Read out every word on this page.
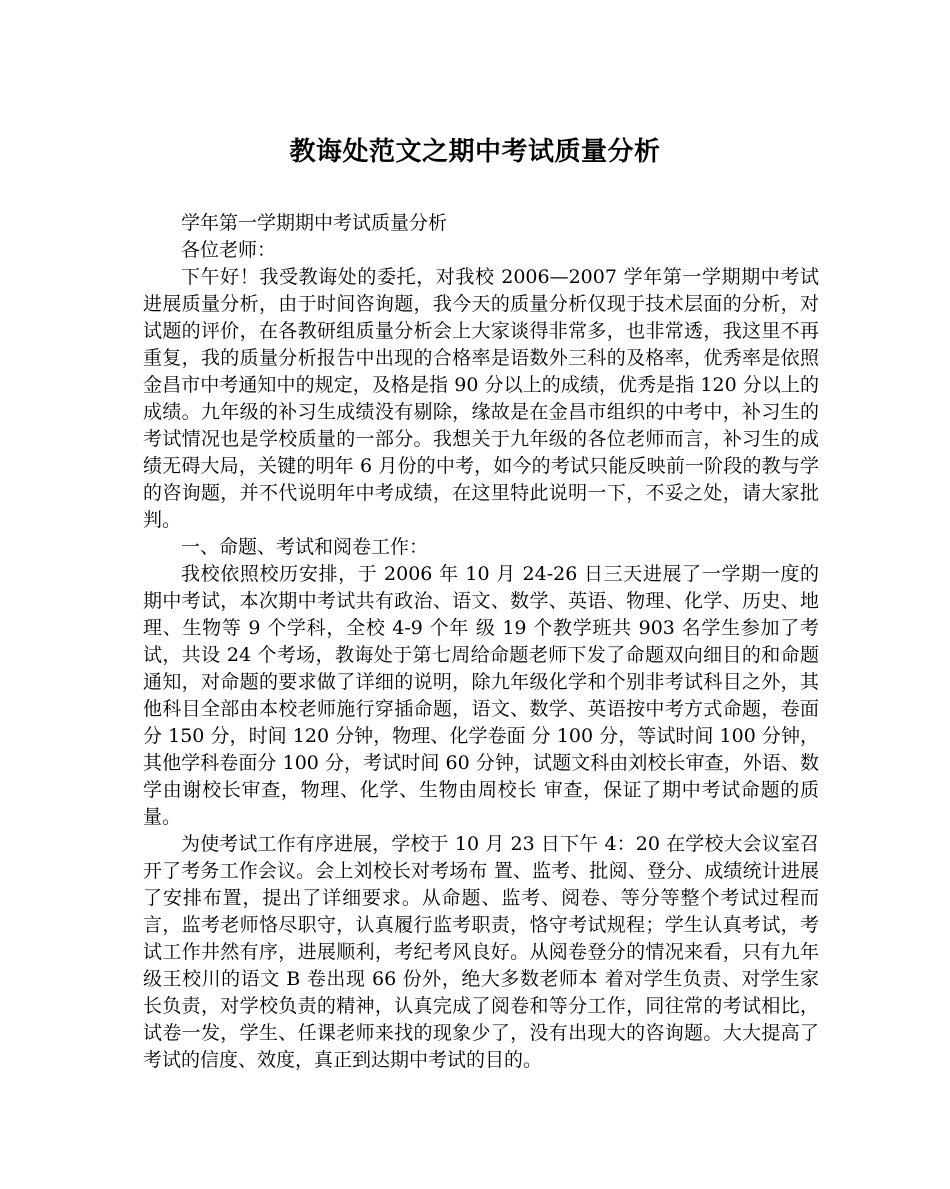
教诲处范文之期中考试质量分析

学年第一学期期中考试质量分析

各位老师：

下午好！我受教诲处的委托，对我校 2006—2007 学年第一学期期中考试进展质量分析，由于时间咨询题，我今天的质量分析仅现于技术层面的分析，对试题的评价，在各教研组质量分析会上大家谈得非常多，也非常透，我这里不再重复，我的质量分析报告中出现的合格率是语数外三科的及格率，优秀率是依照金昌市中考通知中的规定，及格是指 90 分以上的成绩，优秀是指 120 分以上的成绩。九年级的补习生成绩没有剔除，缘故是在金昌市组织的中考中，补习生的考试情况也是学校质量的一部分。我想关于九年级的各位老师而言，补习生的成绩无碍大局，关键的明年 6 月份的中考，如今的考试只能反映前一阶段的教与学的咨询题，并不代说明年中考成绩，在这里特此说明一下，不妥之处，请大家批判。

一、命题、考试和阅卷工作：

我校依照校历安排，于 2006 年 10 月 24-26 日三天进展了一学期一度的期中考试，本次期中考试共有政治、语文、数学、英语、物理、化学、历史、地理、生物等 9 个学科，全校 4-9 个年 级 19 个教学班共 903 名学生参加了考试，共设 24 个考场，教诲处于第七周给命题老师下发了命题双向细目的和命题通知，对命题的要求做了详细的说明，除九年级化学和个别非考试科目之外，其他科目全部由本校老师施行穿插命题，语文、数学、英语按中考方式命题，卷面分 150 分，时间 120 分钟，物理、化学卷面 分 100 分，等试时间 100 分钟，其他学科卷面分 100 分，考试时间 60 分钟，试题文科由刘校长审查，外语、数学由谢校长审查，物理、化学、生物由周校长 审查，保证了期中考试命题的质量。

为使考试工作有序进展，学校于 10 月 23 日下午 4：20 在学校大会议室召开了考务工作会议。会上刘校长对考场布 置、监考、批阅、登分、成绩统计进展了安排布置，提出了详细要求。从命题、监考、阅卷、等分等整个考试过程而言，监考老师恪尽职守，认真履行监考职责，恪守考试规程；学生认真考试，考试工作井然有序，进展顺利，考纪考风良好。从阅卷登分的情况来看，只有九年级王校川的语文 B 卷出现 66 份外，绝大多数老师本 着对学生负责、对学生家长负责，对学校负责的精神，认真完成了阅卷和等分工作，同往常的考试相比，试卷一发，学生、任课老师来找的现象少了，没有出现大的咨询题。大大提高了考试的信度、效度，真正到达期中考试的目的。
